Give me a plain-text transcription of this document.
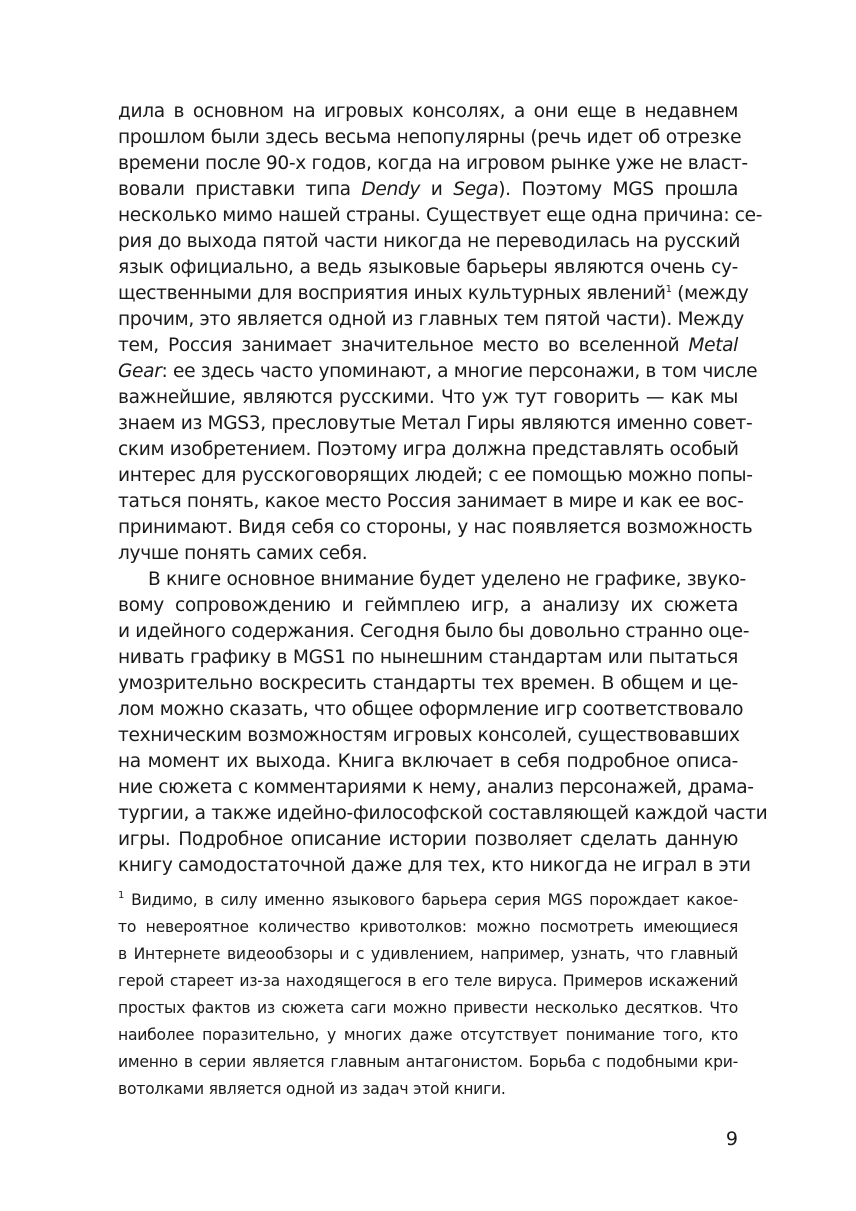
дила в основном на игровых консолях, а они еще в недавнем
прошлом были здесь весьма непопулярны (речь идет об отрезке
времени после 90-х годов, когда на игровом рынке уже не власт-
вовали приставки типа Dendy и Sega). Поэтому MGS прошла
несколько мимо нашей страны. Существует еще одна причина: се-
рия до выхода пятой части никогда не переводилась на русский
язык официально, а ведь языковые барьеры являются очень су-
щественными для восприятия иных культурных явлений$^1$ (между
прочим, это является одной из главных тем пятой части). Между
тем, Россия занимает значительное место во вселенной Metal
Gear: ее здесь часто упоминают, а многие персонажи, в том числе
важнейшие, являются русскими. Что уж тут говорить — как мы
знаем из MGS3, пресловутые Метал Гиры являются именно совет-
ским изобретением. Поэтому игра должна представлять особый
интерес для русскоговорящих людей; с ее помощью можно попы-
таться понять, какое место Россия занимает в мире и как ее вос-
принимают. Видя себя со стороны, у нас появляется возможность
лучше понять самих себя.
В книге основное внимание будет уделено не графике, звуко-
вому сопровождению и геймплею игр, а анализу их сюжета
и идейного содержания. Сегодня было бы довольно странно оце-
нивать графику в MGS1 по нынешним стандартам или пытаться
умозрительно воскресить стандарты тех времен. В общем и це-
лом можно сказать, что общее оформление игр соответствовало
техническим возможностям игровых консолей, существовавших
на момент их выхода. Книга включает в себя подробное описа-
ние сюжета с комментариями к нему, анализ персонажей, драма-
тургии, а также идейно-философской составляющей каждой части
игры. Подробное описание истории позволяет сделать данную
книгу самодостаточной даже для тех, кто никогда не играл в эти
$^1$ Видимо, в силу именно языкового барьера серия MGS порождает какое-
то невероятное количество кривотолков: можно посмотреть имеющиеся
в Интернете видеообзоры и с удивлением, например, узнать, что главный
герой стареет из-за находящегося в его теле вируса. Примеров искажений
простых фактов из сюжета саги можно привести несколько десятков. Что
наиболее поразительно, у многих даже отсутствует понимание того, кто
именно в серии является главным антагонистом. Борьба с подобными кри-
вотолками является одной из задач этой книги.
9
